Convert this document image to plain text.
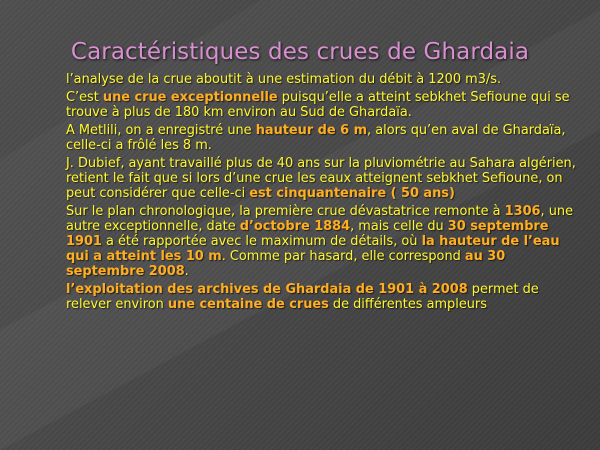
Caractéristiques des crues de Ghardaia

l’analyse de la crue aboutit à une estimation du débit à 1200 m3/s.

C’est une crue exceptionnelle puisqu’elle a atteint sebkhet Sefioune qui se trouve à plus de 180 km environ au Sud de Ghardaïa.

A Metlili, on a enregistré une hauteur de 6 m, alors qu’en aval de Ghardaïa, celle-ci a frôlé les 8 m.

J. Dubief, ayant travaillé plus de 40 ans sur la pluviométrie au Sahara algérien, retient le fait que si lors d’une crue les eaux atteignent sebkhet Sefioune, on peut considérer que celle-ci est cinquantenaire ( 50 ans)

Sur le plan chronologique, la première crue dévastatrice remonte à 1306, une autre exceptionnelle, date d’octobre 1884, mais celle du 30 septembre 1901 a été rapportée avec le maximum de détails, où la hauteur de l’eau qui a atteint les 10 m. Comme par hasard, elle correspond au 30 septembre 2008.

l’exploitation des archives de Ghardaia de 1901 à 2008 permet de relever environ une centaine de crues de différentes ampleurs
